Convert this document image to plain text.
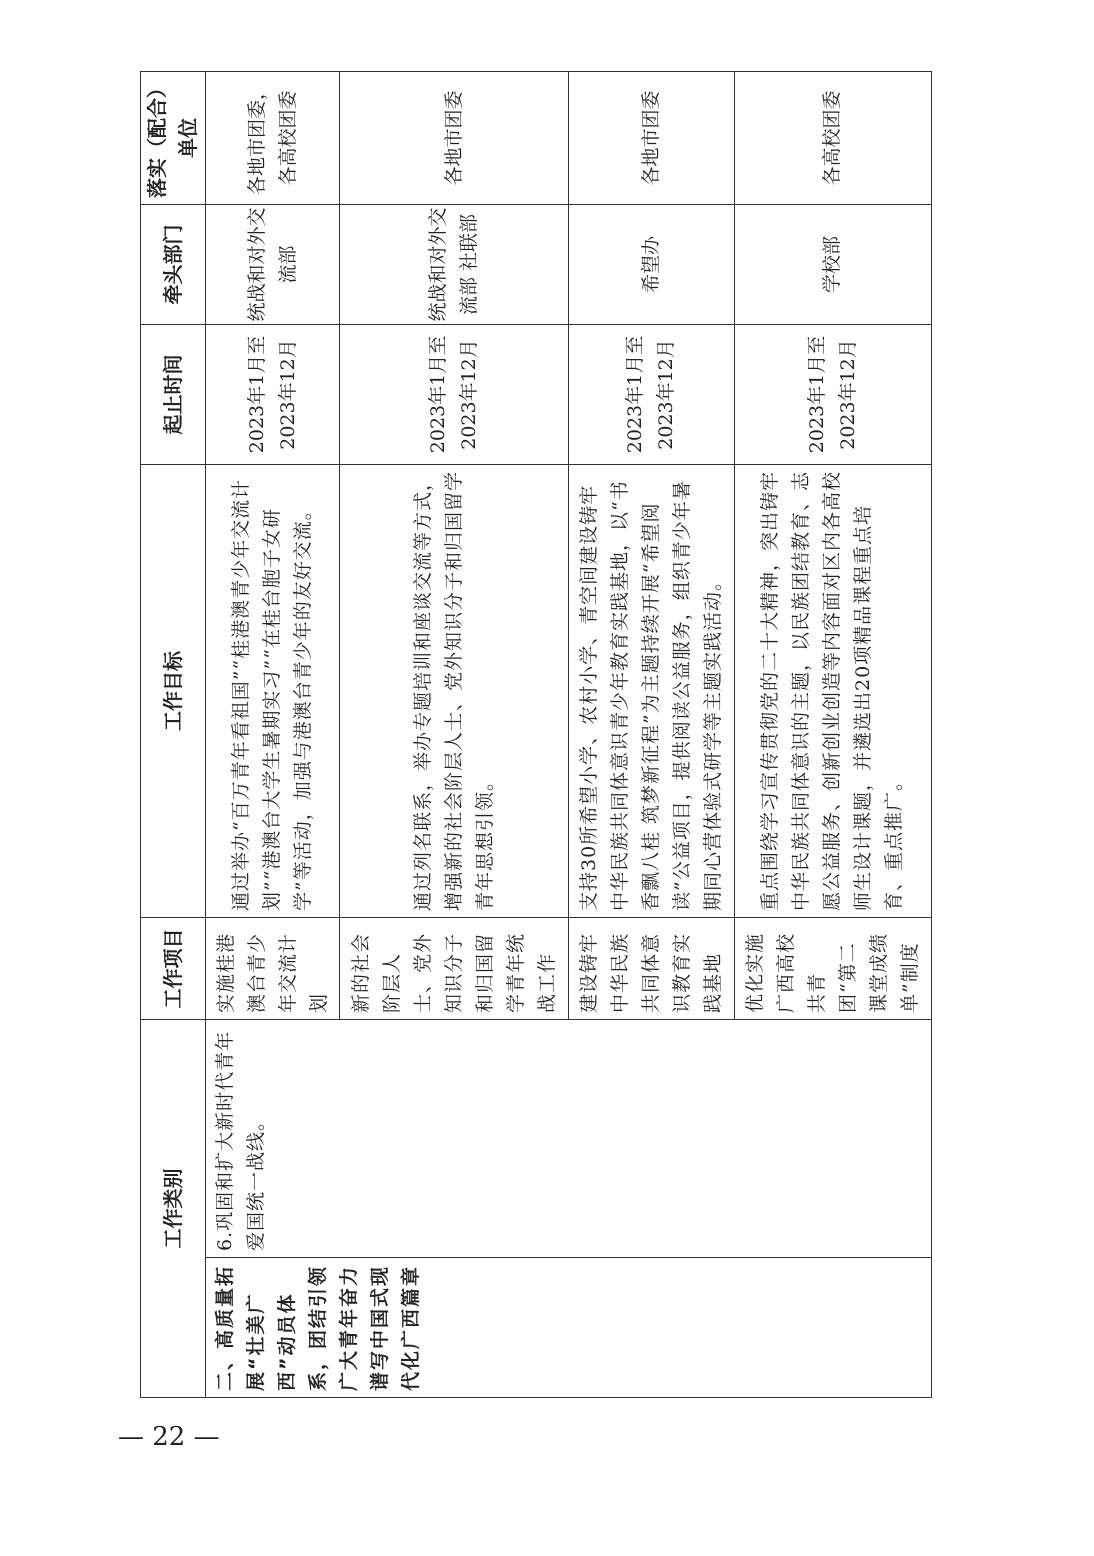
工作类别		工作项目	工作目标	起止时间	牵头部门	落实（配合）单位
二、高质量拓展“壮美广西”动员体系，团结引领广大青年奋力谱写中国式现代化广西篇章	6.巩固和扩大新时代青年爱国统一战线。	实施桂港澳台青少年交流计划	通过举办“百万青年看祖国”“桂港澳青少年交流计划”“港澳台大学生暑期实习”“在桂台胞子女研学”等活动，加强与港澳台青少年的友好交流。	2023年1月至 2023年12月	统战和对外交流部	各地市团委，各高校团委
		新的社会阶层人士、党外知识分子和归国留学青年统战工作	通过列名联系，举办专题培训和座谈交流等方式，增强新的社会阶层人士、党外知识分子和归国留学青年思想引领。	2023年1月至 2023年12月	统战和对外交流部 社联部	各地市团委
		建设铸牢中华民族共同体意识教育实践基地	支持30所希望小学、农村小学、青空间建设铸牢中华民族共同体意识青少年教育实践基地，以“书香飘八桂 筑梦新征程”为主题持续开展“希望阅读”公益项目，提供阅读公益服务，组织青少年暑期同心营体验式研学等主题实践活动。	2023年1月至 2023年12月	希望办	各地市团委
		优化实施广西高校共青团“第二课堂成绩单”制度	重点围绕学习宣传贯彻党的二十大精神，突出铸牢中华民族共同体意识的主题，以民族团结教育、志愿公益服务、创新创业创造等内容面对区内各高校师生设计课题，并遴选出20项精品课程重点培育、重点推广。	2023年1月至 2023年12月	学校部	各高校团委
— 22 —
